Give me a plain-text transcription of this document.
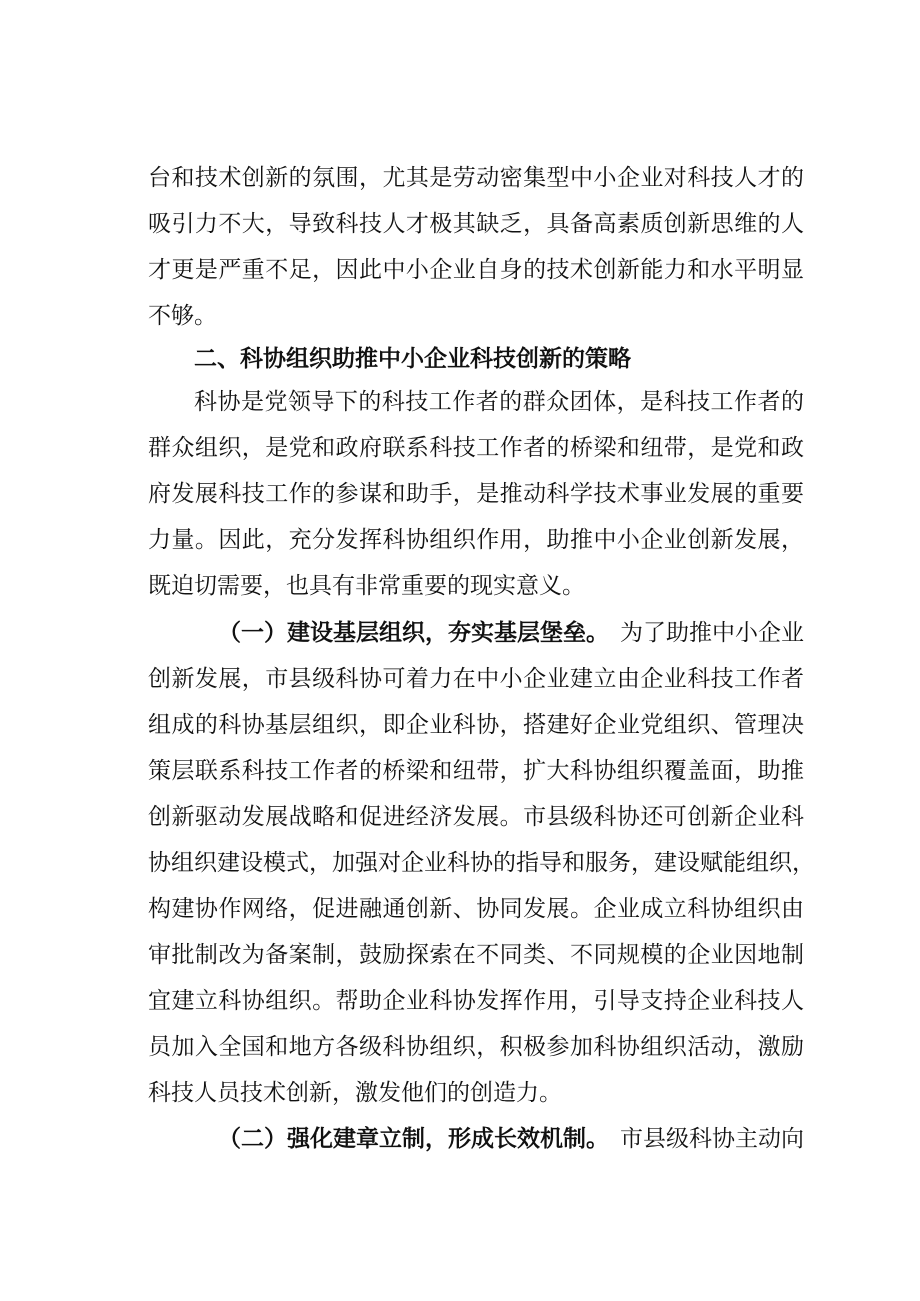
台和技术创新的氛围，尤其是劳动密集型中小企业对科技人才的
吸引力不大，导致科技人才极其缺乏，具备高素质创新思维的人
才更是严重不足，因此中小企业自身的技术创新能力和水平明显
不够。
二、科协组织助推中小企业科技创新的策略
科协是党领导下的科技工作者的群众团体，是科技工作者的
群众组织，是党和政府联系科技工作者的桥梁和纽带，是党和政
府发展科技工作的参谋和助手，是推动科学技术事业发展的重要
力量。因此，充分发挥科协组织作用，助推中小企业创新发展，
既迫切需要，也具有非常重要的现实意义。
（一）建设基层组织，夯实基层堡垒。 为了助推中小企业
创新发展，市县级科协可着力在中小企业建立由企业科技工作者
组成的科协基层组织，即企业科协，搭建好企业党组织、管理决
策层联系科技工作者的桥梁和纽带，扩大科协组织覆盖面，助推
创新驱动发展战略和促进经济发展。市县级科协还可创新企业科
协组织建设模式，加强对企业科协的指导和服务，建设赋能组织，
构建协作网络，促进融通创新、协同发展。企业成立科协组织由
审批制改为备案制，鼓励探索在不同类、不同规模的企业因地制
宜建立科协组织。帮助企业科协发挥作用，引导支持企业科技人
员加入全国和地方各级科协组织，积极参加科协组织活动，激励
科技人员技术创新，激发他们的创造力。
（二）强化建章立制，形成长效机制。 市县级科协主动向
